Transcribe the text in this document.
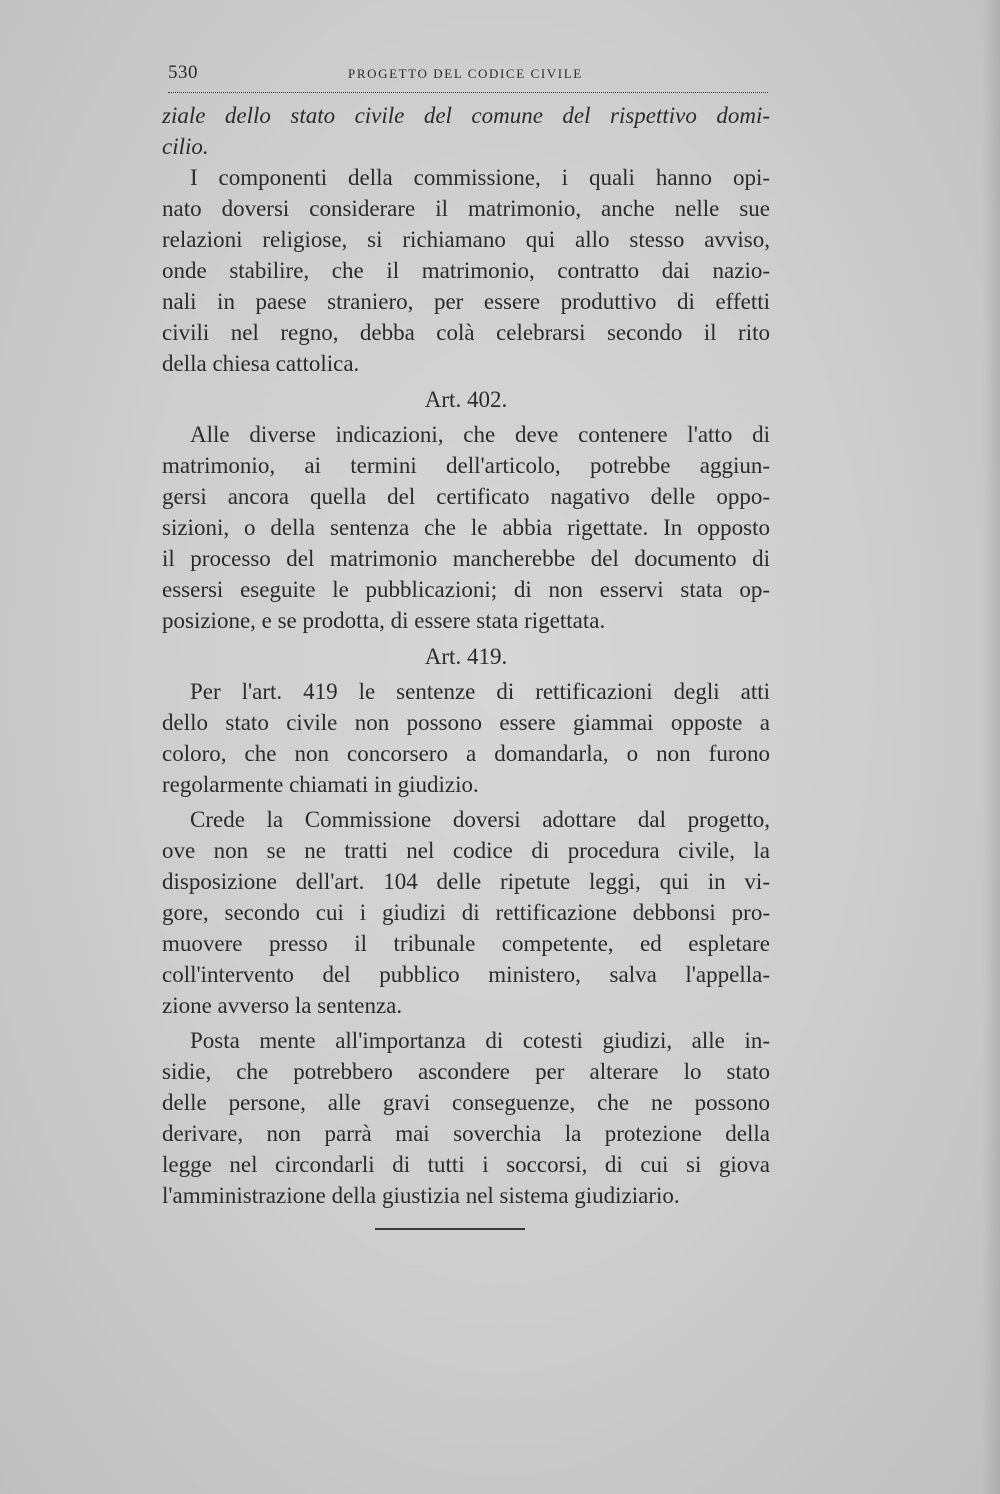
530	PROGETTO DEL CODICE CIVILE
ziale dello stato civile del comune del rispettivo domi-
cilio.
I componenti della commissione, i quali hanno opi-
nato doversi considerare il matrimonio, anche nelle sue
relazioni religiose, si richiamano qui allo stesso avviso,
onde stabilire, che il matrimonio, contratto dai nazio-
nali in paese straniero, per essere produttivo di effetti
civili nel regno, debba colà celebrarsi secondo il rito
della chiesa cattolica.
Art. 402.
Alle diverse indicazioni, che deve contenere l'atto di
matrimonio, ai termini dell'articolo, potrebbe aggiun-
gersi ancora quella del certificato nagativo delle oppo-
sizioni, o della sentenza che le abbia rigettate. In opposto
il processo del matrimonio mancherebbe del documento di
essersi eseguite le pubblicazioni; di non esservi stata op-
posizione, e se prodotta, di essere stata rigettata.
Art. 419.
Per l'art. 419 le sentenze di rettificazioni degli atti
dello stato civile non possono essere giammai opposte a
coloro, che non concorsero a domandarla, o non furono
regolarmente chiamati in giudizio.
Crede la Commissione doversi adottare dal progetto,
ove non se ne tratti nel codice di procedura civile, la
disposizione dell'art. 104 delle ripetute leggi, qui in vi-
gore, secondo cui i giudizi di rettificazione debbonsi pro-
muovere presso il tribunale competente, ed espletare
coll'intervento del pubblico ministero, salva l'appella-
zione avverso la sentenza.
Posta mente all'importanza di cotesti giudizi, alle in-
sidie, che potrebbero ascondere per alterare lo stato
delle persone, alle gravi conseguenze, che ne possono
derivare, non parrà mai soverchia la protezione della
legge nel circondarli di tutti i soccorsi, di cui si giova
l'amministrazione della giustizia nel sistema giudiziario.
